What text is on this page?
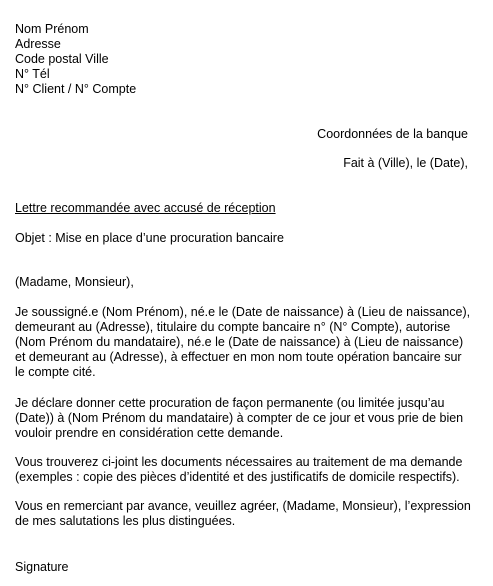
Nom Prénom
Adresse
Code postal Ville
N° Tél
N° Client / N° Compte
Coordonnées de la banque
Fait à (Ville), le (Date),
Lettre recommandée avec accusé de réception
Objet : Mise en place d’une procuration bancaire
(Madame, Monsieur),
Je soussigné.e (Nom Prénom), né.e le (Date de naissance) à (Lieu de naissance),
demeurant au (Adresse), titulaire du compte bancaire n° (N° Compte), autorise
(Nom Prénom du mandataire), né.e le (Date de naissance) à (Lieu de naissance)
et demeurant au (Adresse), à effectuer en mon nom toute opération bancaire sur
le compte cité.
Je déclare donner cette procuration de façon permanente (ou limitée jusqu’au
(Date)) à (Nom Prénom du mandataire) à compter de ce jour et vous prie de bien
vouloir prendre en considération cette demande.
Vous trouverez ci-joint les documents nécessaires au traitement de ma demande
(exemples : copie des pièces d’identité et des justificatifs de domicile respectifs).
Vous en remerciant par avance, veuillez agréer, (Madame, Monsieur), l’expression
de mes salutations les plus distinguées.
Signature
